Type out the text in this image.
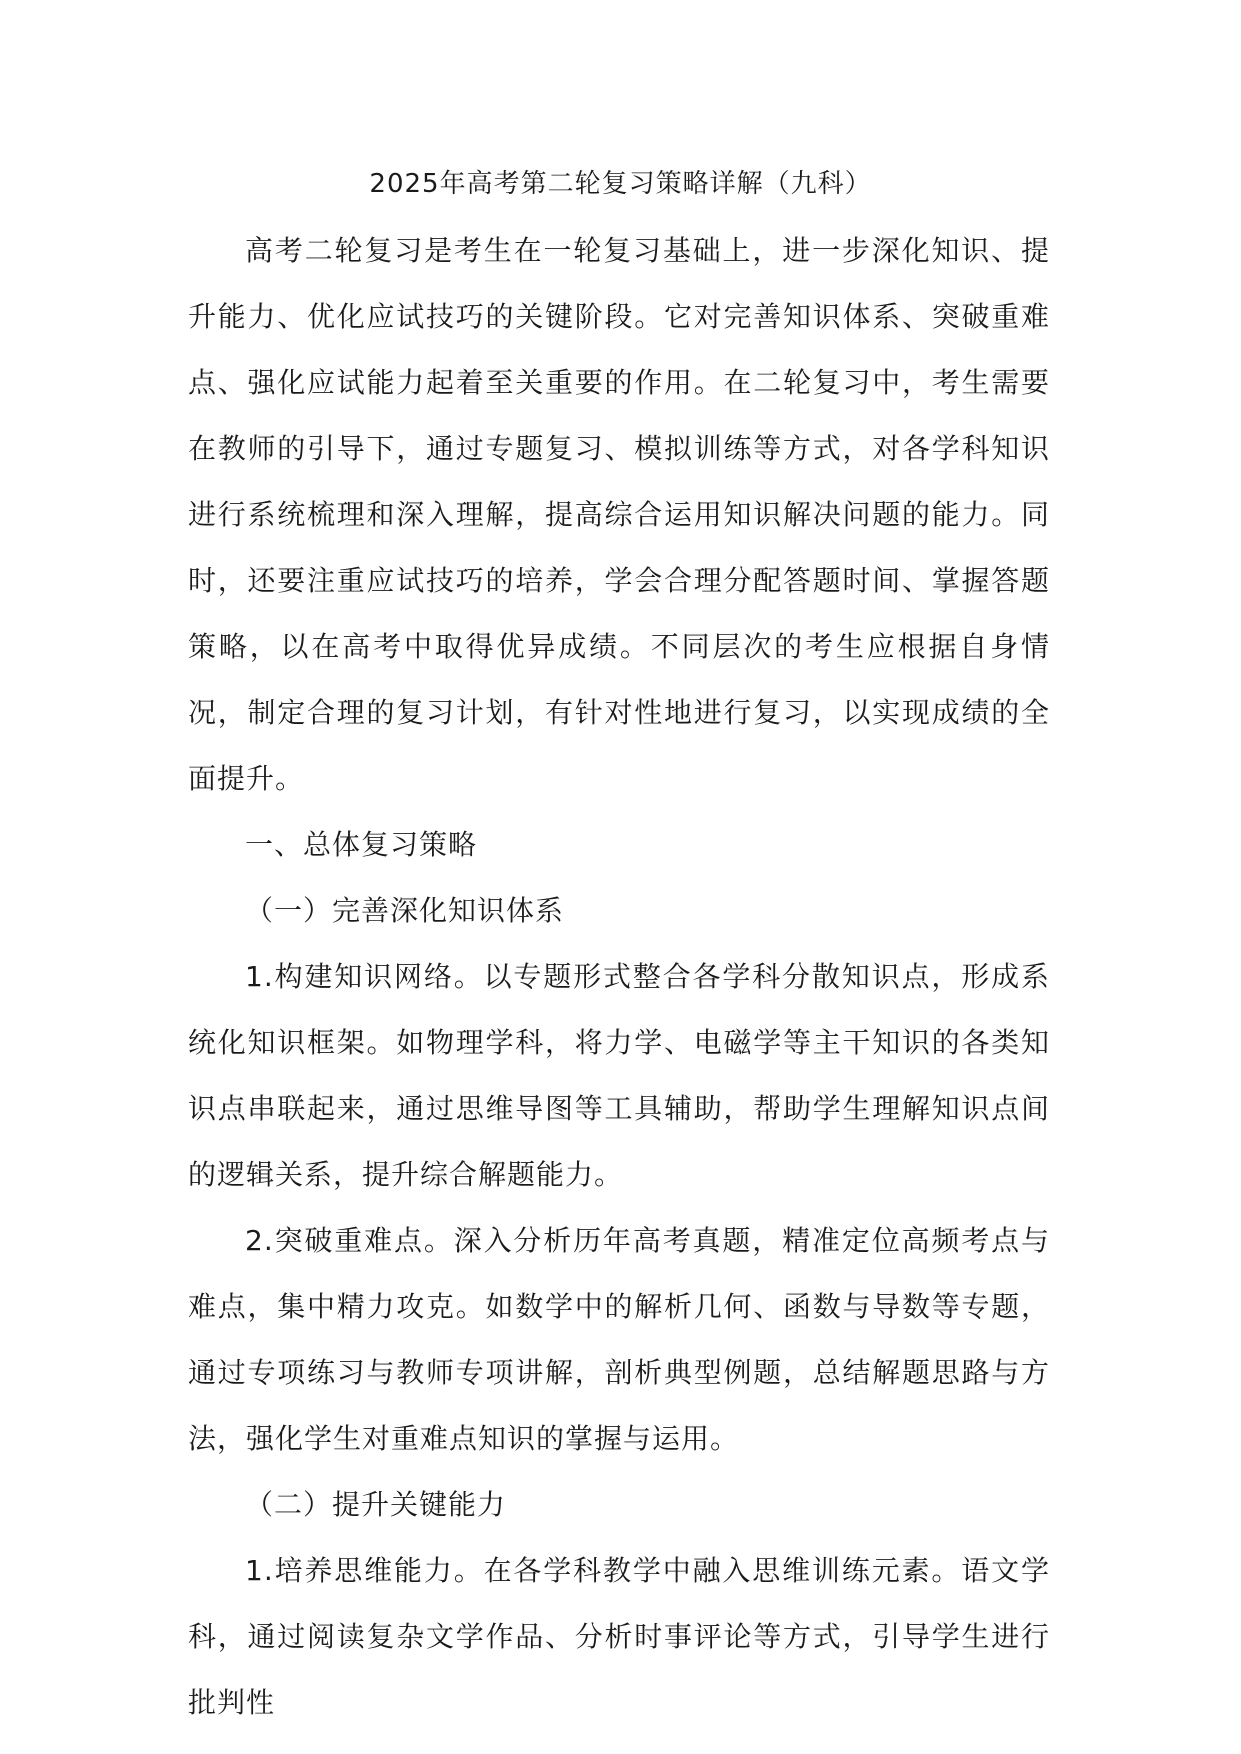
2025年高考第二轮复习策略详解（九科）

高考二轮复习是考生在一轮复习基础上，进一步深化知识、提升能力、优化应试技巧的关键阶段。它对完善知识体系、突破重难点、强化应试能力起着至关重要的作用。在二轮复习中，考生需要在教师的引导下，通过专题复习、模拟训练等方式，对各学科知识进行系统梳理和深入理解，提高综合运用知识解决问题的能力。同时，还要注重应试技巧的培养，学会合理分配答题时间、掌握答题策略，以在高考中取得优异成绩。不同层次的考生应根据自身情况，制定合理的复习计划，有针对性地进行复习，以实现成绩的全面提升。

一、总体复习策略

（一）完善深化知识体系

1.构建知识网络。以专题形式整合各学科分散知识点，形成系统化知识框架。如物理学科，将力学、电磁学等主干知识的各类知识点串联起来，通过思维导图等工具辅助，帮助学生理解知识点间的逻辑关系，提升综合解题能力。

2.突破重难点。深入分析历年高考真题，精准定位高频考点与难点，集中精力攻克。如数学中的解析几何、函数与导数等专题，通过专项练习与教师专项讲解，剖析典型例题，总结解题思路与方法，强化学生对重难点知识的掌握与运用。

（二）提升关键能力

1.培养思维能力。在各学科教学中融入思维训练元素。语文学科，通过阅读复杂文学作品、分析时事评论等方式，引导学生进行批判性
